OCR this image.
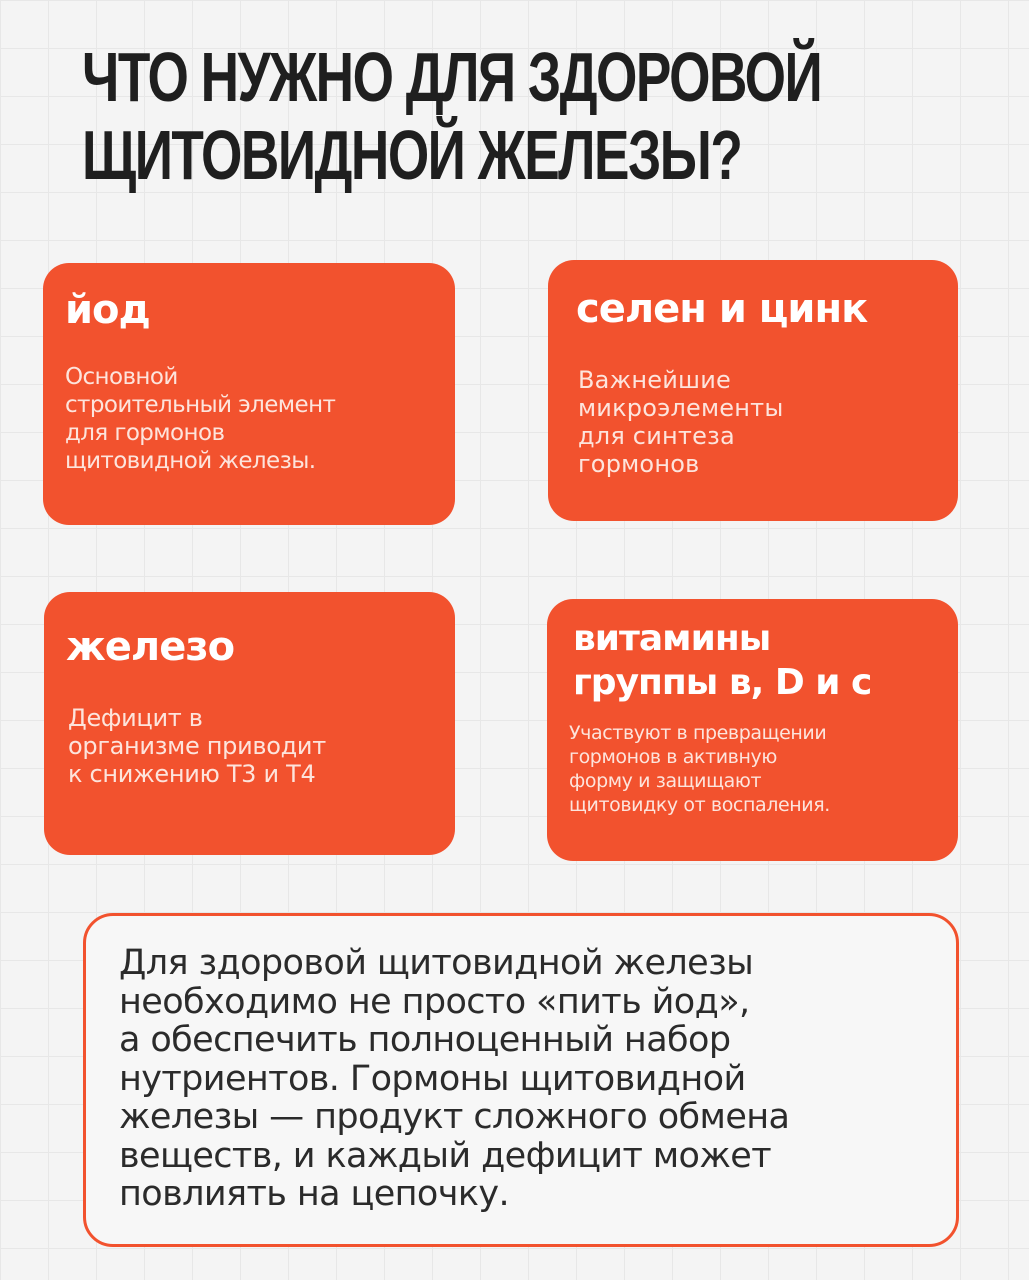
ЧТО НУЖНО ДЛЯ ЗДОРОВОЙ
ЩИТОВИДНОЙ ЖЕЛЕЗЫ?
йод
Основной
строительный элемент
для гормонов
щитовидной железы.
селен и цинк
Важнейшие
микроэлементы
для синтеза
гормонов
железо
Дефицит в
организме приводит
к снижению Т3 и Т4
витамины
группы в, D и с
Участвуют в превращении
гормонов в активную
форму и защищают
щитовидку от воспаления.
Для здоровой щитовидной железы
необходимо не просто «пить йод»,
а обеспечить полноценный набор
нутриентов. Гормоны щитовидной
железы — продукт сложного обмена
веществ, и каждый дефицит может
повлиять на цепочку.
